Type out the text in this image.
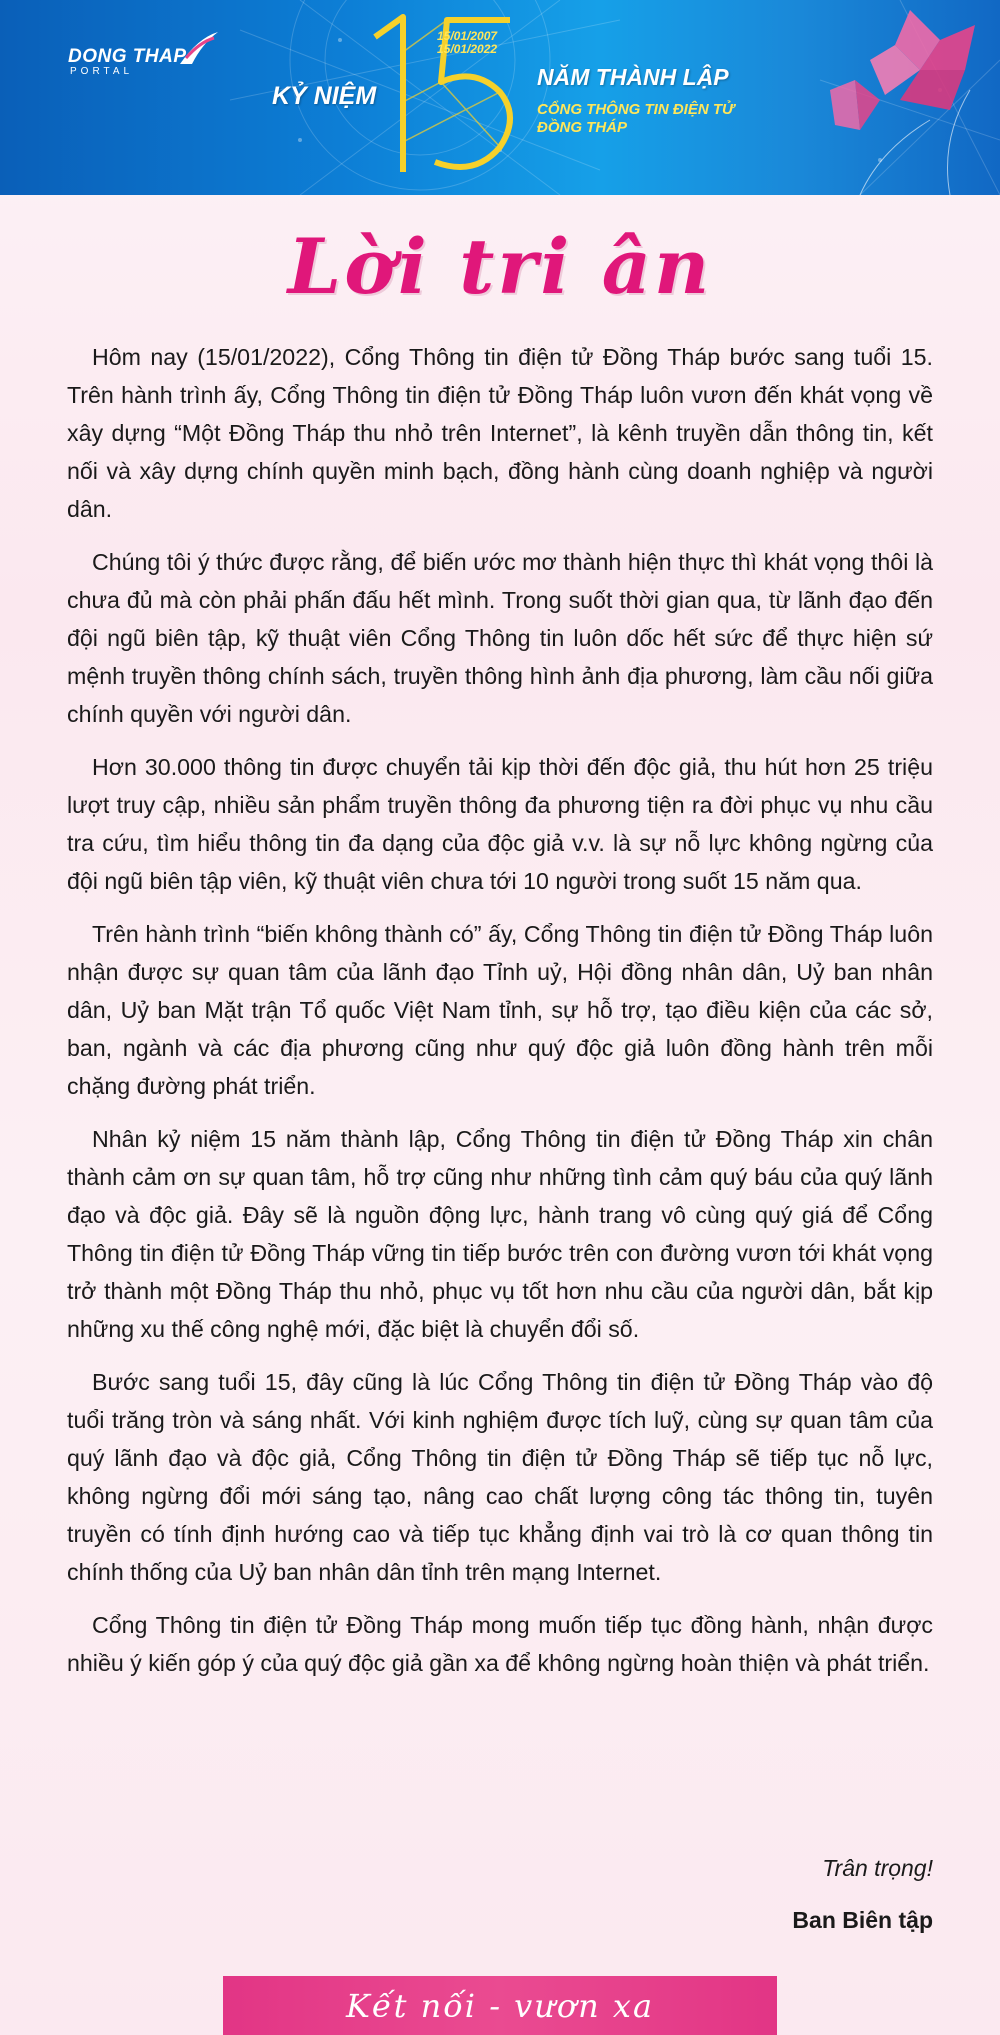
DONG THAP
PORTAL
KỶ NIỆM
15/01/2007
15/01/2022
NĂM THÀNH LẬP
CỔNG THÔNG TIN ĐIỆN TỬ
ĐỒNG THÁP
Lời tri ân

Hôm nay (15/01/2022), Cổng Thông tin điện tử Đồng Tháp bước sang tuổi 15. Trên hành trình ấy, Cổng Thông tin điện tử Đồng Tháp luôn vươn đến khát vọng về xây dựng “Một Đồng Tháp thu nhỏ trên Internet”, là kênh truyền dẫn thông tin, kết nối và xây dựng chính quyền minh bạch, đồng hành cùng doanh nghiệp và người dân.

Chúng tôi ý thức được rằng, để biến ước mơ thành hiện thực thì khát vọng thôi là chưa đủ mà còn phải phấn đấu hết mình. Trong suốt thời gian qua, từ lãnh đạo đến đội ngũ biên tập, kỹ thuật viên Cổng Thông tin luôn dốc hết sức để thực hiện sứ mệnh truyền thông chính sách, truyền thông hình ảnh địa phương, làm cầu nối giữa chính quyền với người dân.

Hơn 30.000 thông tin được chuyển tải kịp thời đến độc giả, thu hút hơn 25 triệu lượt truy cập, nhiều sản phẩm truyền thông đa phương tiện ra đời phục vụ nhu cầu tra cứu, tìm hiểu thông tin đa dạng của độc giả v.v. là sự nỗ lực không ngừng của đội ngũ biên tập viên, kỹ thuật viên chưa tới 10 người trong suốt 15 năm qua.

Trên hành trình “biến không thành có” ấy, Cổng Thông tin điện tử Đồng Tháp luôn nhận được sự quan tâm của lãnh đạo Tỉnh uỷ, Hội đồng nhân dân, Uỷ ban nhân dân, Uỷ ban Mặt trận Tổ quốc Việt Nam tỉnh, sự hỗ trợ, tạo điều kiện của các sở, ban, ngành và các địa phương cũng như quý độc giả luôn đồng hành trên mỗi chặng đường phát triển.

Nhân kỷ niệm 15 năm thành lập, Cổng Thông tin điện tử Đồng Tháp xin chân thành cảm ơn sự quan tâm, hỗ trợ cũng như những tình cảm quý báu của quý lãnh đạo và độc giả. Đây sẽ là nguồn động lực, hành trang vô cùng quý giá để Cổng Thông tin điện tử Đồng Tháp vững tin tiếp bước trên con đường vươn tới khát vọng trở thành một Đồng Tháp thu nhỏ, phục vụ tốt hơn nhu cầu của người dân, bắt kịp những xu thế công nghệ mới, đặc biệt là chuyển đổi số.

Bước sang tuổi 15, đây cũng là lúc Cổng Thông tin điện tử Đồng Tháp vào độ tuổi trăng tròn và sáng nhất. Với kinh nghiệm được tích luỹ, cùng sự quan tâm của quý lãnh đạo và độc giả, Cổng Thông tin điện tử Đồng Tháp sẽ tiếp tục nỗ lực, không ngừng đổi mới sáng tạo, nâng cao chất lượng công tác thông tin, tuyên truyền có tính định hướng cao và tiếp tục khẳng định vai trò là cơ quan thông tin chính thống của Uỷ ban nhân dân tỉnh trên mạng Internet.

Cổng Thông tin điện tử Đồng Tháp mong muốn tiếp tục đồng hành, nhận được nhiều ý kiến góp ý của quý độc giả gần xa để không ngừng hoàn thiện và phát triển.

Trân trọng!
Ban Biên tập
Kết nối - vươn xa
